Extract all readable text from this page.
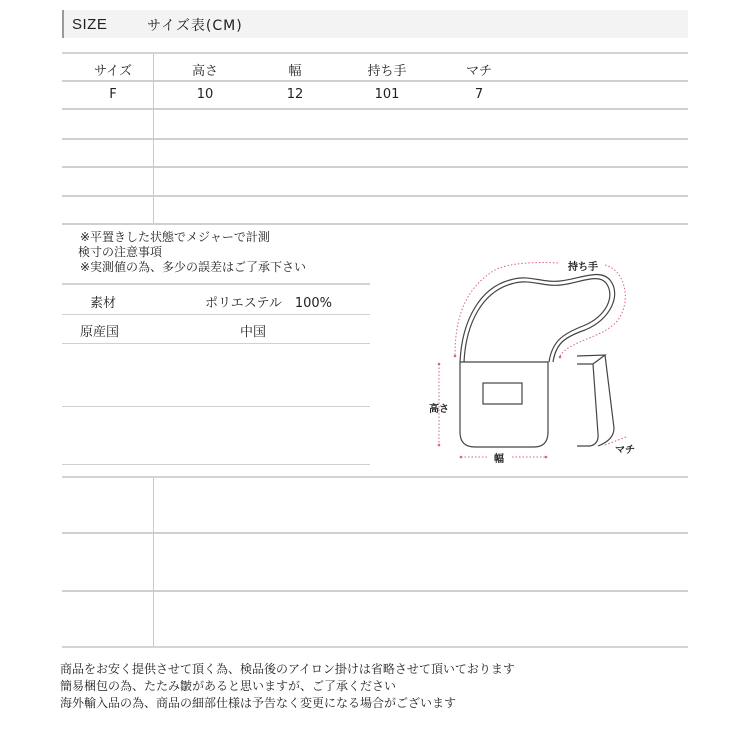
SIZE	サイズ表(CM)
サイズ	高さ	幅	持ち手	マチ
F	10	12	101	7
※平置きした状態でメジャーで計測
検寸の注意事項
※実測値の為、多少の誤差はご了承下さい
素材	ポリエステル　100%
原産国	中国
持ち手
高さ
幅
マチ
商品をお安く提供させて頂く為、検品後のアイロン掛けは省略させて頂いております
簡易梱包の為、たたみ皺があると思いますが、ご了承ください
海外輸入品の為、商品の細部仕様は予告なく変更になる場合がございます
